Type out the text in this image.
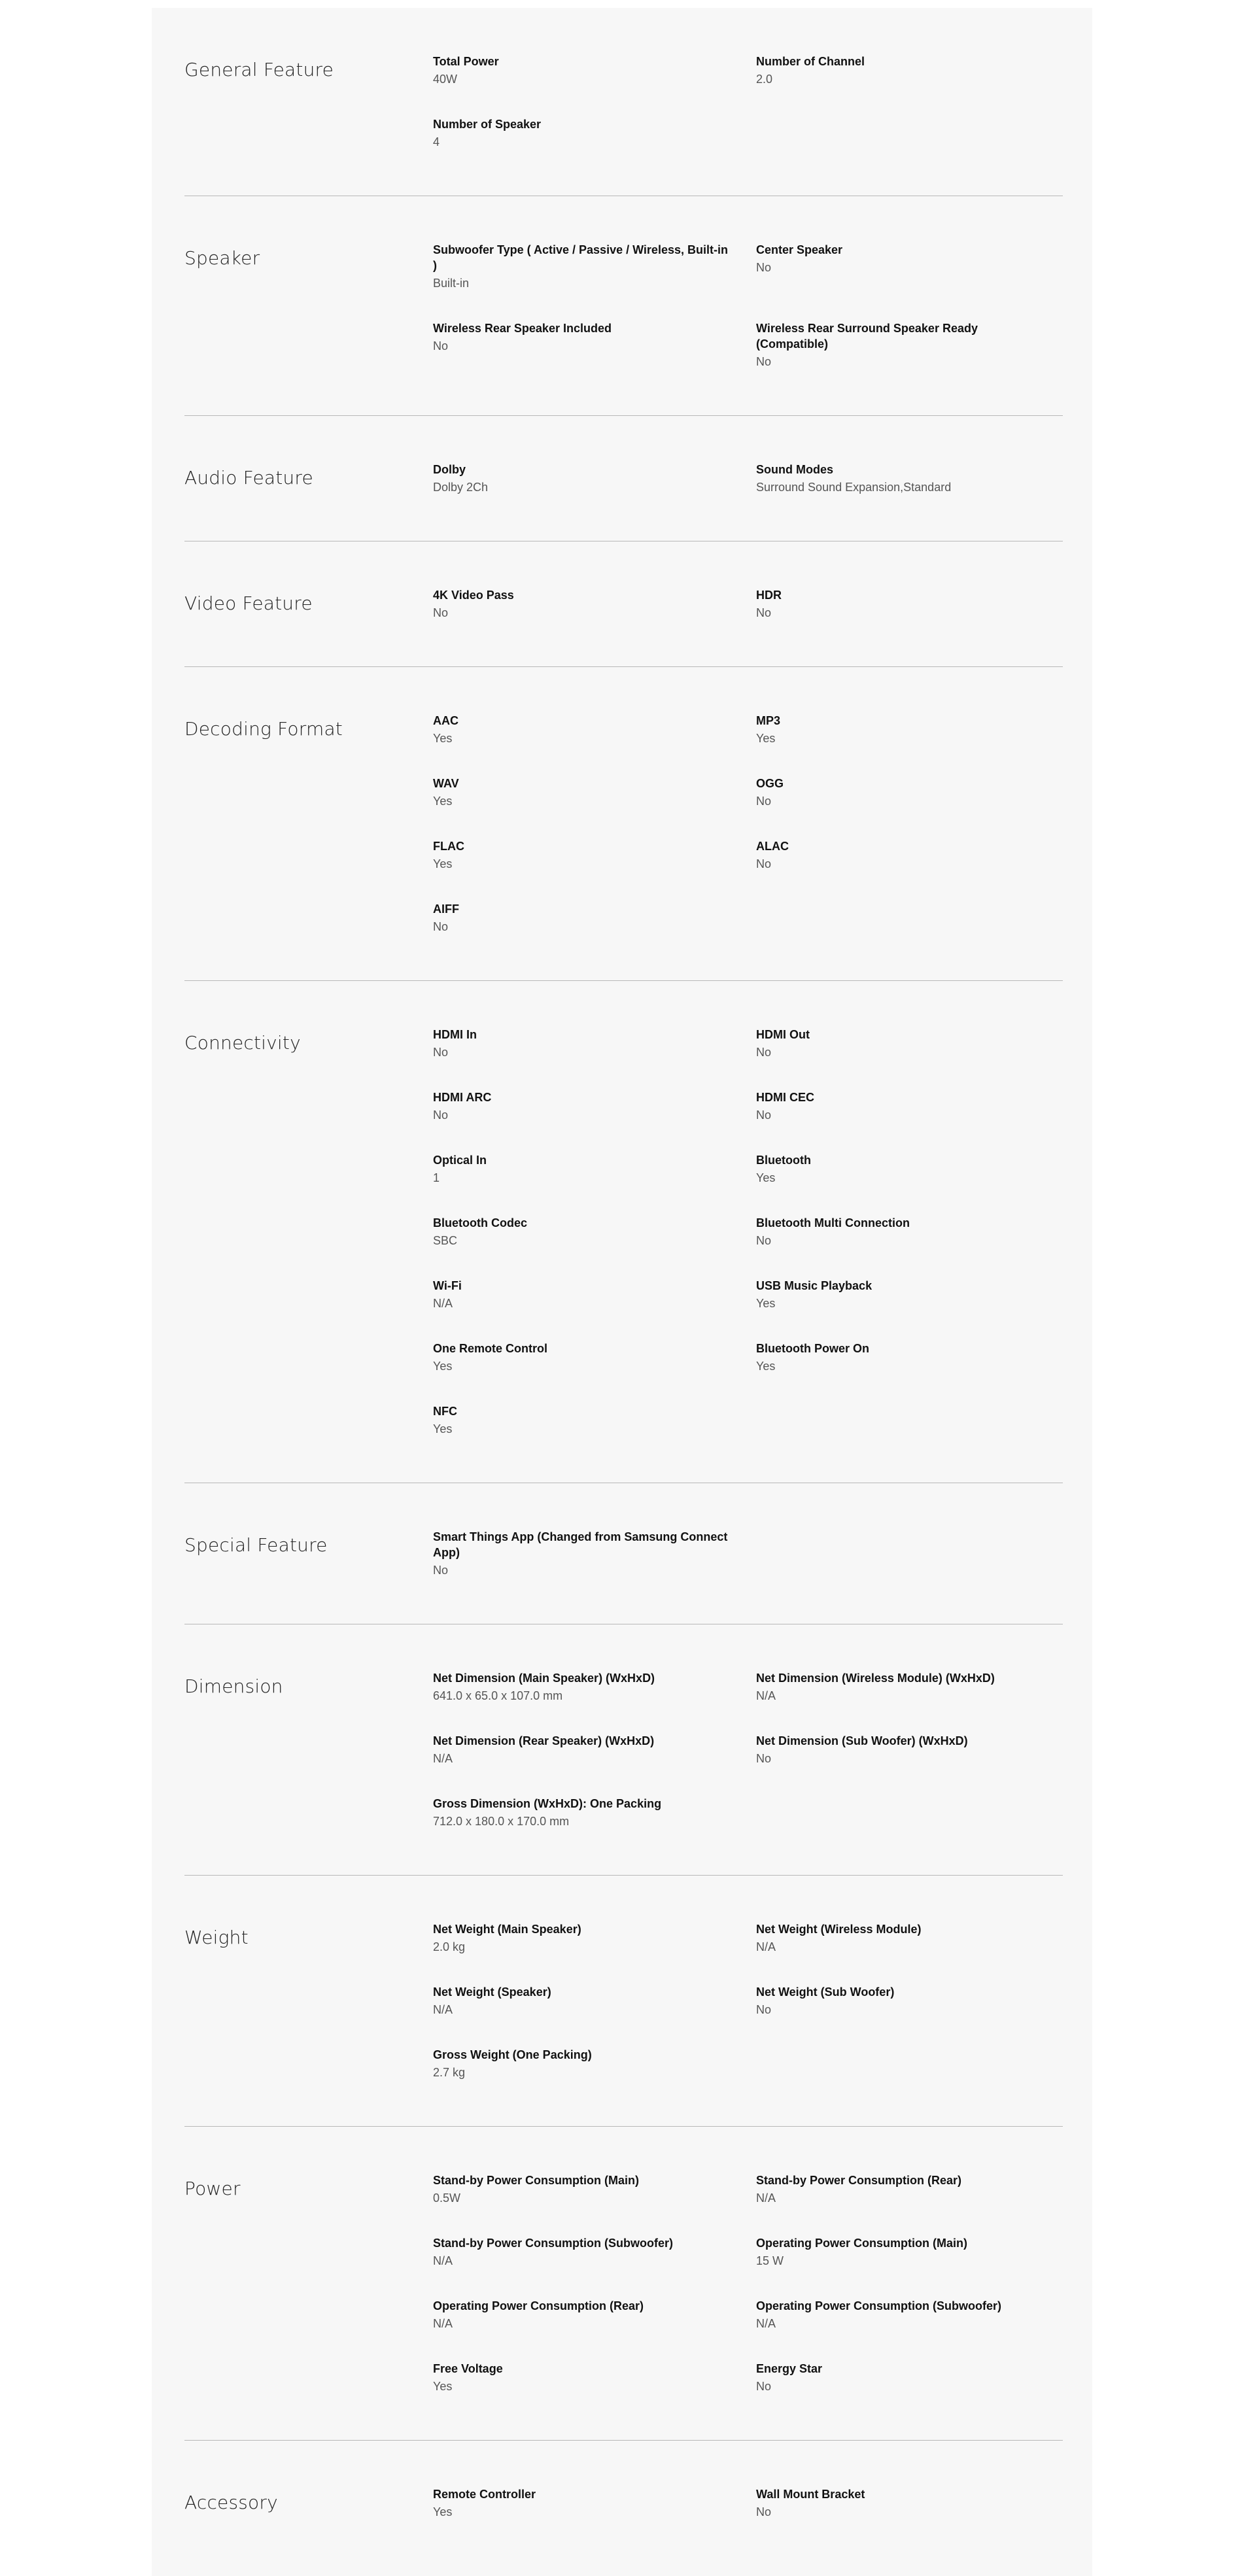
General Feature	Total Power
40W
Number of Channel
2.0
Number of Speaker
4
Speaker	Subwoofer Type ( Active / Passive / Wireless, Built-in )
Built-in
Center Speaker
No
Wireless Rear Speaker Included
No
Wireless Rear Surround Speaker Ready (Compatible)
No
Audio Feature	Dolby
Dolby 2Ch
Sound Modes
Surround Sound Expansion,Standard
Video Feature	4K Video Pass
No
HDR
No
Decoding Format	AAC
Yes
MP3
Yes
WAV
Yes
OGG
No
FLAC
Yes
ALAC
No
AIFF
No
Connectivity	HDMI In
No
HDMI Out
No
HDMI ARC
No
HDMI CEC
No
Optical In
1
Bluetooth
Yes
Bluetooth Codec
SBC
Bluetooth Multi Connection
No
Wi-Fi
N/A
USB Music Playback
Yes
One Remote Control
Yes
Bluetooth Power On
Yes
NFC
Yes
Special Feature	Smart Things App (Changed from Samsung Connect App)
No
Dimension	Net Dimension (Main Speaker) (WxHxD)
641.0 x 65.0 x 107.0 mm
Net Dimension (Wireless Module) (WxHxD)
N/A
Net Dimension (Rear Speaker) (WxHxD)
N/A
Net Dimension (Sub Woofer) (WxHxD)
No
Gross Dimension (WxHxD): One Packing
712.0 x 180.0 x 170.0 mm
Weight	Net Weight (Main Speaker)
2.0 kg
Net Weight (Wireless Module)
N/A
Net Weight (Speaker)
N/A
Net Weight (Sub Woofer)
No
Gross Weight (One Packing)
2.7 kg
Power	Stand-by Power Consumption (Main)
0.5W
Stand-by Power Consumption (Rear)
N/A
Stand-by Power Consumption (Subwoofer)
N/A
Operating Power Consumption (Main)
15 W
Operating Power Consumption (Rear)
N/A
Operating Power Consumption (Subwoofer)
N/A
Free Voltage
Yes
Energy Star
No
Accessory	Remote Controller
Yes
Wall Mount Bracket
No
